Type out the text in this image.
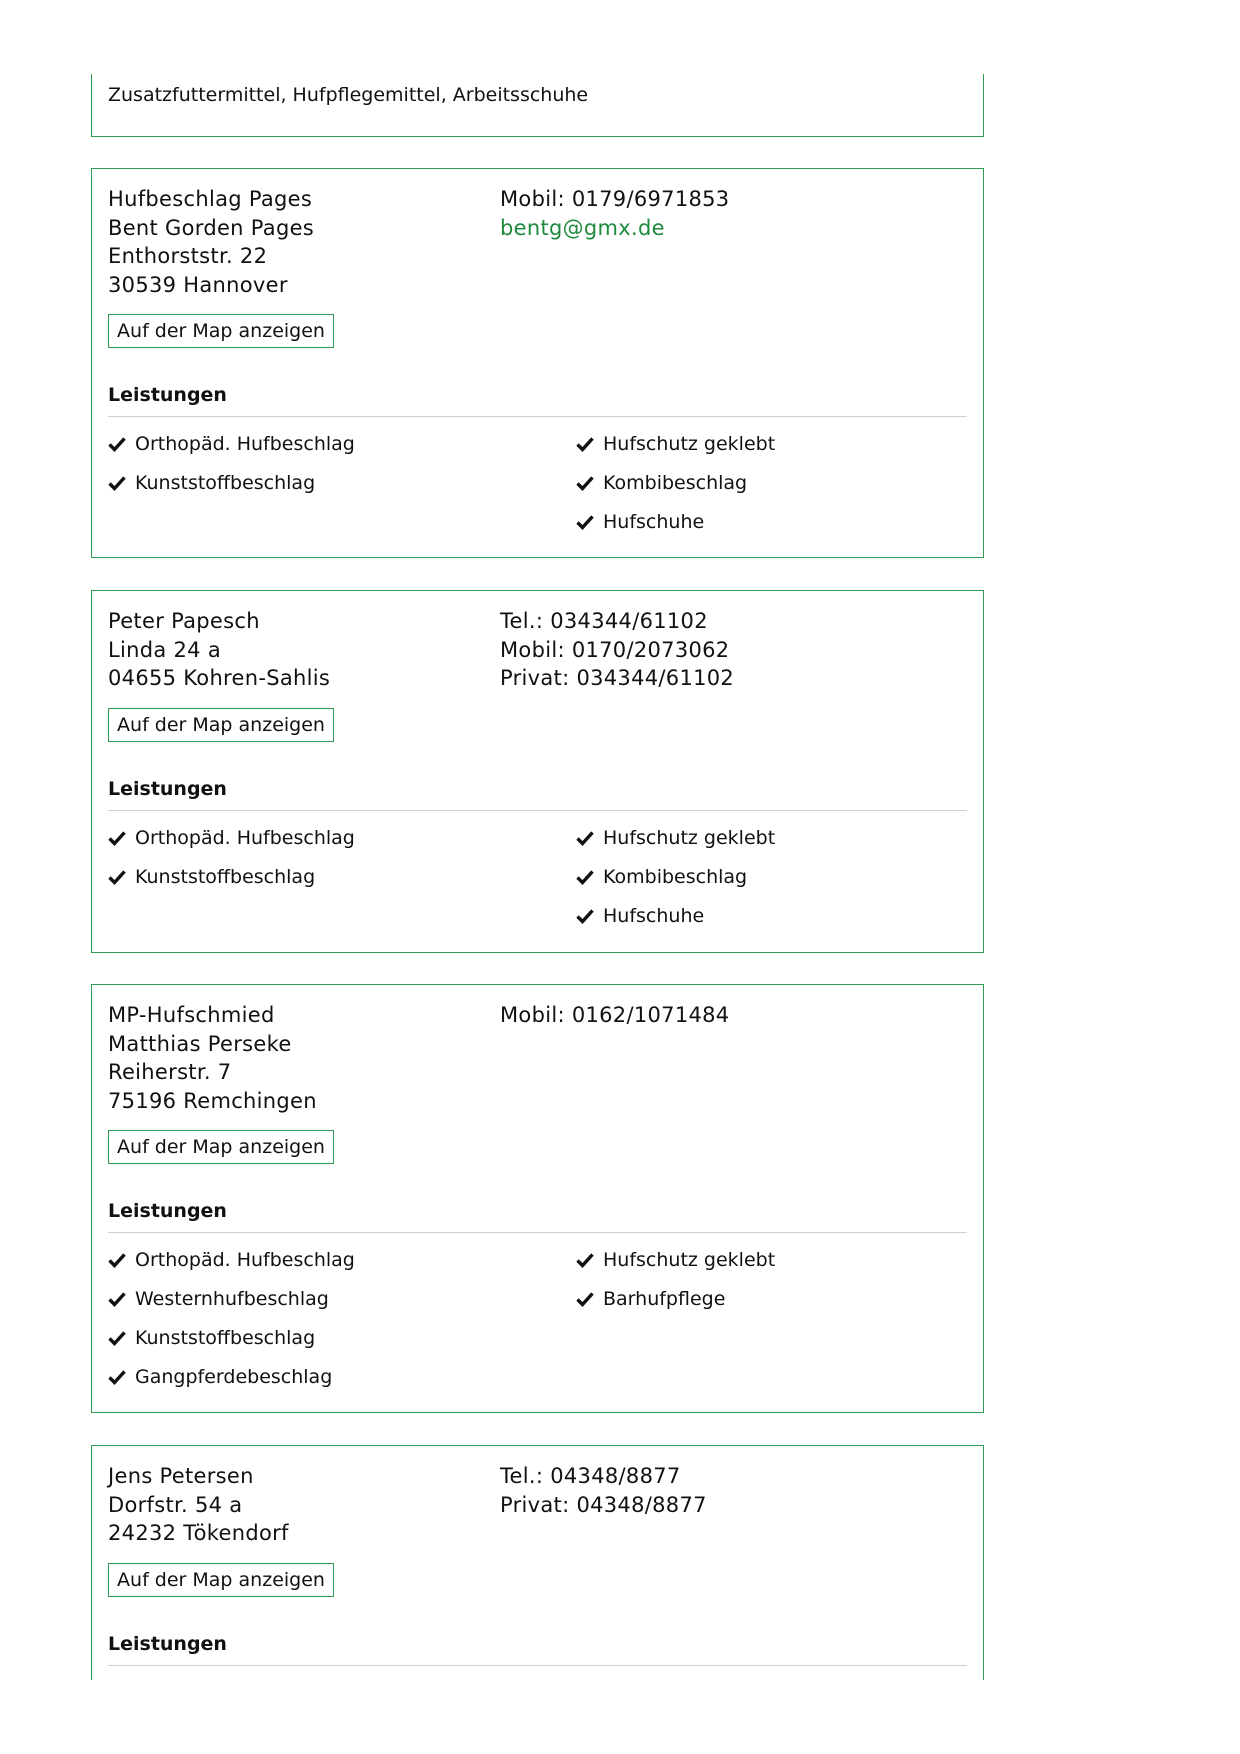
Zusatzfuttermittel, Hufpflegemittel, Arbeitsschuhe
Hufbeschlag Pages
Bent Gorden Pages
Enthorststr. 22
30539 Hannover
Mobil: 0179/6971853
bentg@gmx.de
Auf der Map anzeigen
Leistungen
Orthopäd. Hufbeschlag
Kunststoffbeschlag
Hufschutz geklebt
Kombibeschlag
Hufschuhe
Peter Papesch
Linda 24 a
04655 Kohren-Sahlis
Tel.: 034344/61102
Mobil: 0170/2073062
Privat: 034344/61102
Auf der Map anzeigen
Leistungen
Orthopäd. Hufbeschlag
Kunststoffbeschlag
Hufschutz geklebt
Kombibeschlag
Hufschuhe
MP-Hufschmied
Matthias Perseke
Reiherstr. 7
75196 Remchingen
Mobil: 0162/1071484
Auf der Map anzeigen
Leistungen
Orthopäd. Hufbeschlag
Westernhufbeschlag
Kunststoffbeschlag
Gangpferdebeschlag
Hufschutz geklebt
Barhufpflege
Jens Petersen
Dorfstr. 54 a
24232 Tökendorf
Tel.: 04348/8877
Privat: 04348/8877
Auf der Map anzeigen
Leistungen
